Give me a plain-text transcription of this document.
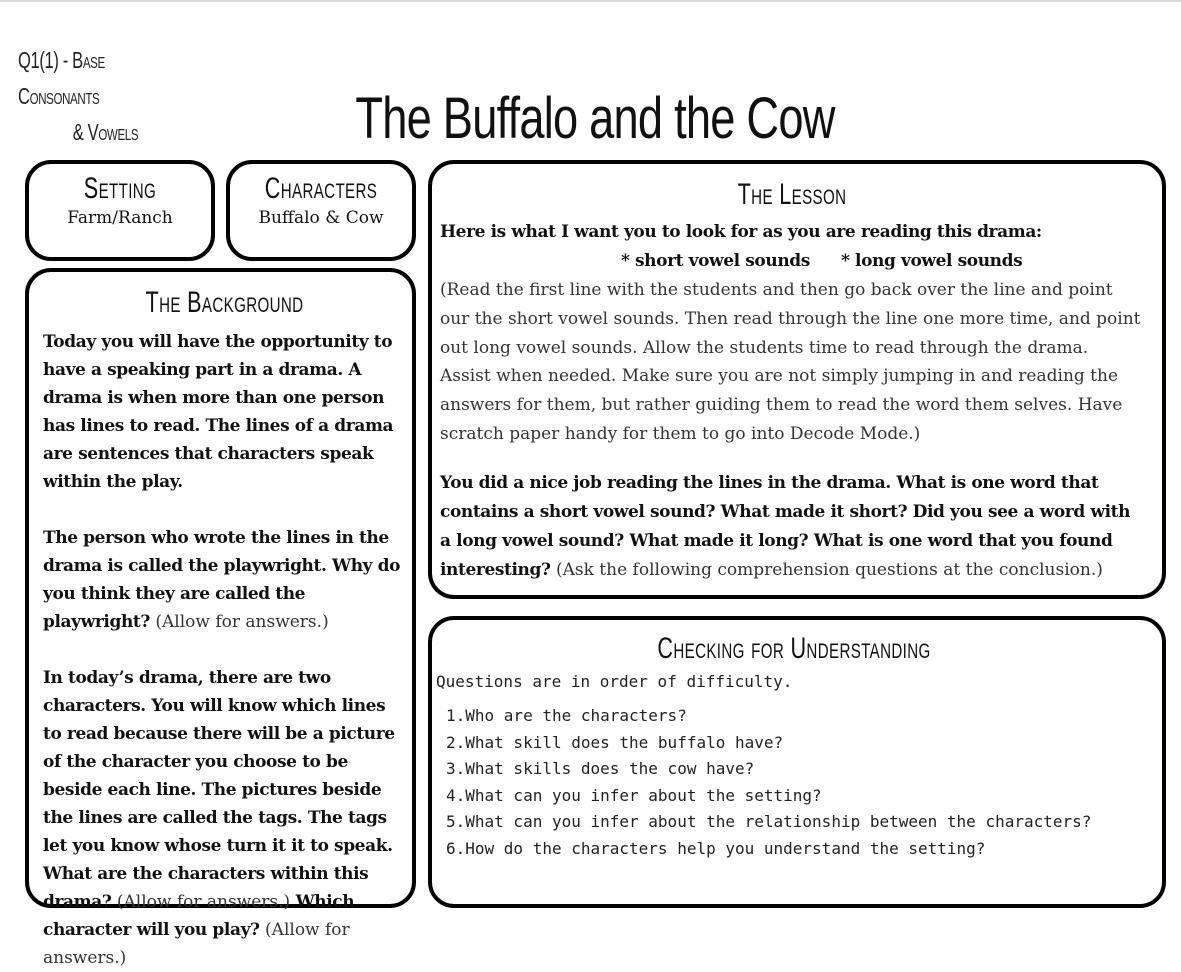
Q1(1) - Base Consonants
& Vowels	The Buffalo and the Cow
Setting
Farm/Ranch
Characters
Buffalo & Cow
The Background
Today you will have the opportunity to have a speaking part in a drama. A drama is when more than one person has lines to read. The lines of a drama are sentences that characters speak within the play.
The person who wrote the lines in the drama is called the playwright. Why do you think they are called the playwright? (Allow for answers.)
In today’s drama, there are two characters. You will know which lines to read because there will be a picture of the character you choose to be beside each line. The pictures beside the lines are called the tags. The tags let you know whose turn it it to speak. What are the characters within this drama? (Allow for answers.) Which character will you play? (Allow for answers.)
The Lesson
Here is what I want you to look for as you are reading this drama:
* short vowel sounds * long vowel sounds
(Read the first line with the students and then go back over the line and point our the short vowel sounds. Then read through the line one more time, and point out long vowel sounds. Allow the students time to read through the drama. Assist when needed. Make sure you are not simply jumping in and reading the answers for them, but rather guiding them to read the word them selves. Have scratch paper handy for them to go into Decode Mode.)
You did a nice job reading the lines in the drama. What is one word that contains a short vowel sound? What made it short? Did you see a word with a long vowel sound? What made it long? What is one word that you found interesting? (Ask the following comprehension questions at the conclusion.)
Checking for Understanding
Questions are in order of difficulty.
1.Who are the characters?
2.What skill does the buffalo have?
3.What skills does the cow have?
4.What can you infer about the setting?
5.What can you infer about the relationship between the characters?
6.How do the characters help you understand the setting?
